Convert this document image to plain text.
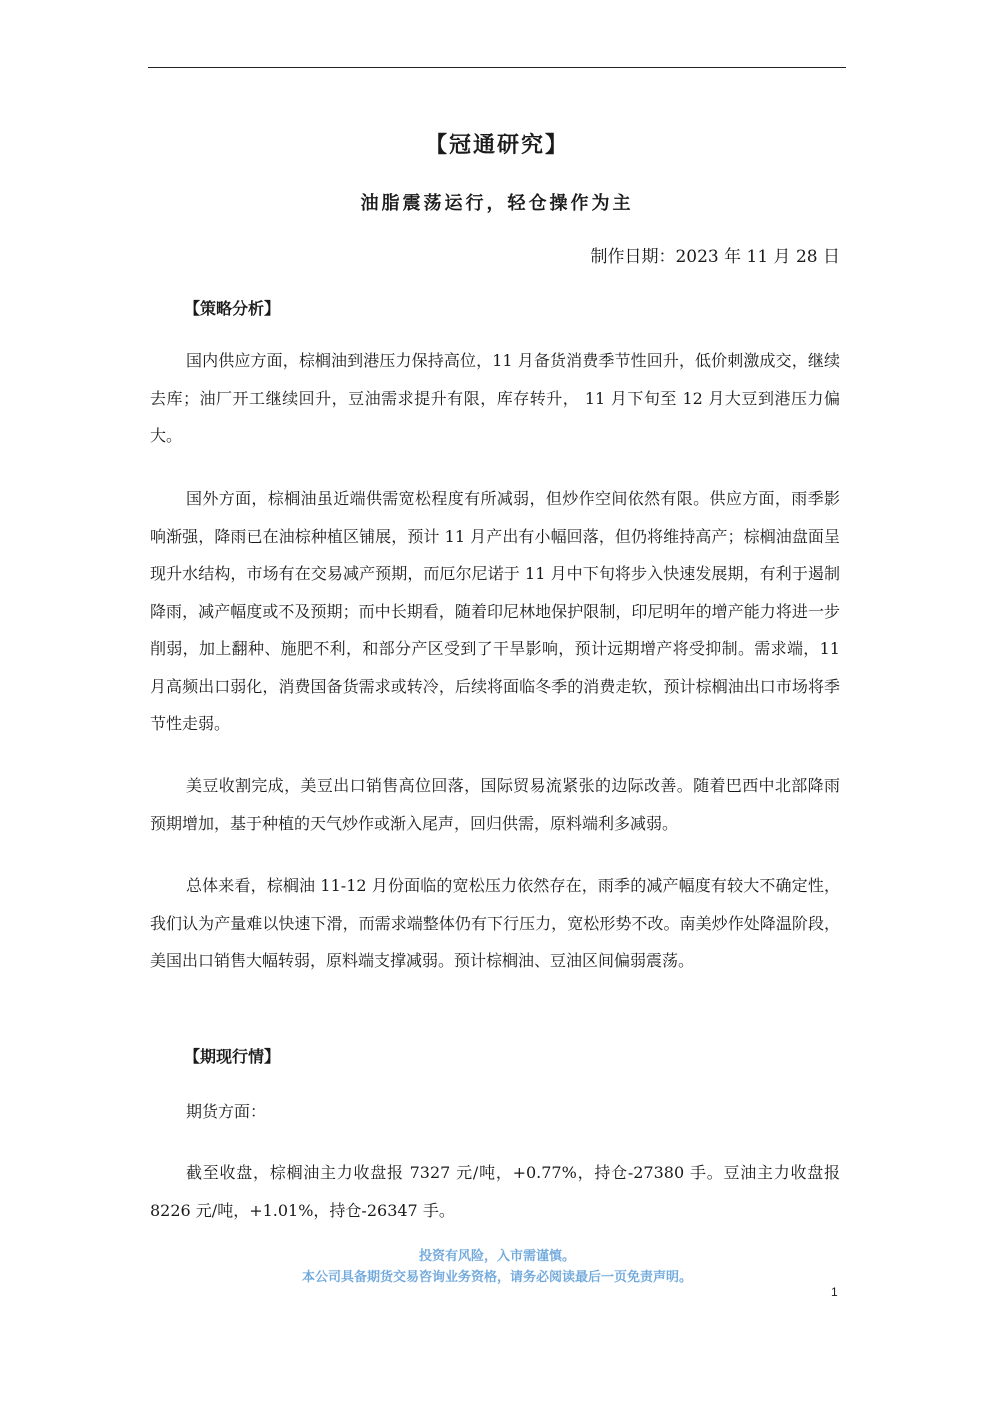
【冠通研究】
油脂震荡运行，轻仓操作为主

制作日期：2023 年 11 月 28 日

【策略分析】

国内供应方面，棕榈油到港压力保持高位，11 月备货消费季节性回升，低价刺激成交，继续去库；油厂开工继续回升，豆油需求提升有限，库存转升， 11 月下旬至 12 月大豆到港压力偏大。

国外方面，棕榈油虽近端供需宽松程度有所减弱，但炒作空间依然有限。供应方面，雨季影响渐强，降雨已在油棕种植区铺展，预计 11 月产出有小幅回落，但仍将维持高产；棕榈油盘面呈现升水结构，市场有在交易减产预期，而厄尔尼诺于 11 月中下旬将步入快速发展期，有利于遏制降雨，减产幅度或不及预期；而中长期看，随着印尼林地保护限制，印尼明年的增产能力将进一步削弱，加上翻种、施肥不利，和部分产区受到了干旱影响，预计远期增产将受抑制。需求端，11 月高频出口弱化，消费国备货需求或转冷，后续将面临冬季的消费走软，预计棕榈油出口市场将季节性走弱。

美豆收割完成，美豆出口销售高位回落，国际贸易流紧张的边际改善。随着巴西中北部降雨预期增加，基于种植的天气炒作或渐入尾声，回归供需，原料端利多减弱。

总体来看，棕榈油 11-12 月份面临的宽松压力依然存在，雨季的减产幅度有较大不确定性，我们认为产量难以快速下滑，而需求端整体仍有下行压力，宽松形势不改。南美炒作处降温阶段，美国出口销售大幅转弱，原料端支撑减弱。预计棕榈油、豆油区间偏弱震荡。

【期现行情】

期货方面：

截至收盘，棕榈油主力收盘报 7327 元/吨，+0.77%，持仓-27380 手。豆油主力收盘报 8226 元/吨，+1.01%，持仓-26347 手。

投资有风险，入市需谨慎。

本公司具备期货交易咨询业务资格，请务必阅读最后一页免责声明。

1
